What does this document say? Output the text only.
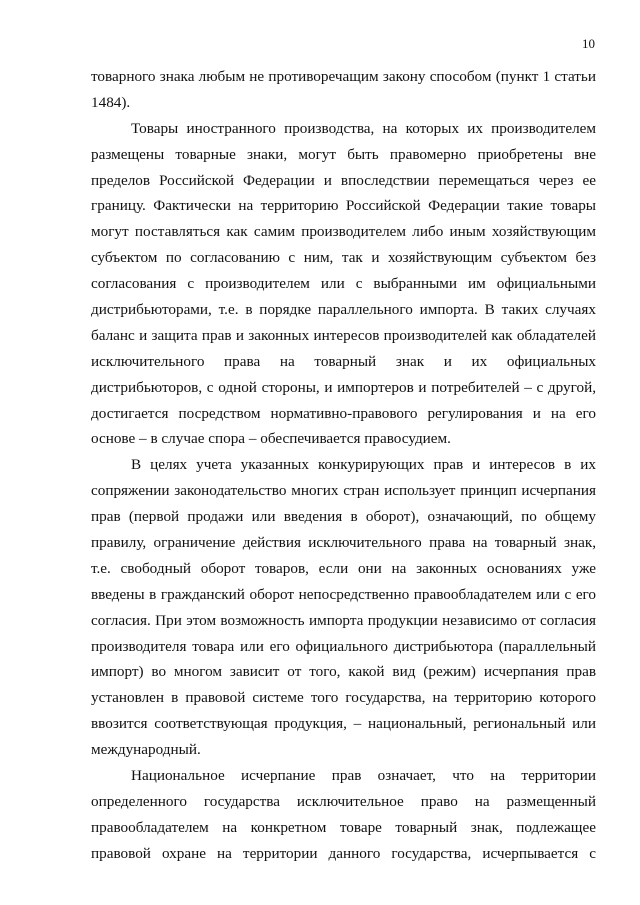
10
товарного знака любым не противоречащим закону способом (пункт 1 статьи
1484).
Товары иностранного производства, на которых их производителем
размещены товарные знаки, могут быть правомерно приобретены вне
пределов Российской Федерации и впоследствии перемещаться через ее
границу. Фактически на территорию Российской Федерации такие товары
могут поставляться как самим производителем либо иным хозяйствующим
субъектом по согласованию с ним, так и хозяйствующим субъектом без
согласования с производителем или с выбранными им официальными
дистрибьюторами, т.е. в порядке параллельного импорта. В таких случаях
баланс и защита прав и законных интересов производителей как обладателей
исключительного права на товарный знак и их официальных
дистрибьюторов, с одной стороны, и импортеров и потребителей – с другой,
достигается посредством нормативно-правового регулирования и на его
основе – в случае спора – обеспечивается правосудием.
В целях учета указанных конкурирующих прав и интересов в их
сопряжении законодательство многих стран использует принцип исчерпания
прав (первой продажи или введения в оборот), означающий, по общему
правилу, ограничение действия исключительного права на товарный знак,
т.е. свободный оборот товаров, если они на законных основаниях уже
введены в гражданский оборот непосредственно правообладателем или с его
согласия. При этом возможность импорта продукции независимо от согласия
производителя товара или его официального дистрибьютора (параллельный
импорт) во многом зависит от того, какой вид (режим) исчерпания прав
установлен в правовой системе того государства, на территорию которого
ввозится соответствующая продукция, – национальный, региональный или
международный.
Национальное исчерпание прав означает, что на территории
определенного государства исключительное право на размещенный
правообладателем на конкретном товаре товарный знак, подлежащее
правовой охране на территории данного государства, исчерпывается с
